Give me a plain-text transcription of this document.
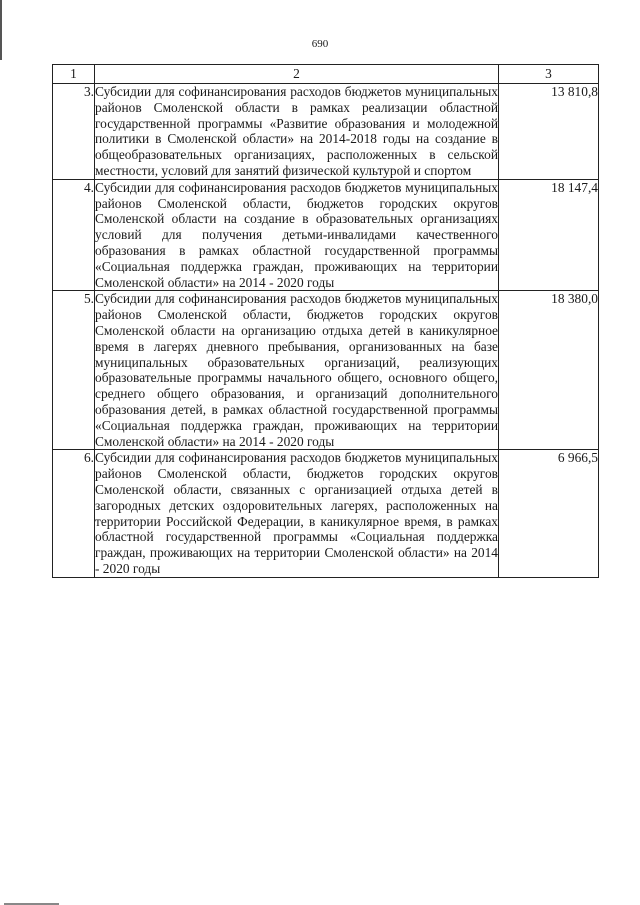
690
1	2	3
3.	Субсидии для софинансирования расходов бюджетов муниципальных районов Смоленской области в рамках реализации областной государственной программы «Развитие образования и молодежной политики в Смоленской области» на 2014-2018 годы на создание в общеобразовательных организациях, расположенных в сельской местности, условий для занятий физической культурой и спортом	13 810,8
4.	Субсидии для софинансирования расходов бюджетов муниципальных районов Смоленской области, бюджетов городских округов Смоленской области на создание в образовательных организациях условий для получения детьми-инвалидами качественного образования в рамках областной государственной программы «Социальная поддержка граждан, проживающих на территории Смоленской области» на 2014 - 2020 годы	18 147,4
5.	Субсидии для софинансирования расходов бюджетов муниципальных районов Смоленской области, бюджетов городских округов Смоленской области на организацию отдыха детей в каникулярное время в лагерях дневного пребывания, организованных на базе муниципальных образовательных организаций, реализующих образовательные программы начального общего, основного общего, среднего общего образования, и организаций дополнительного образования детей, в рамках областной государственной программы «Социальная поддержка граждан, проживающих на территории Смоленской области» на 2014 - 2020 годы	18 380,0
6.	Субсидии для софинансирования расходов бюджетов муниципальных районов Смоленской области, бюджетов городских округов Смоленской области, связанных с организацией отдыха детей в загородных детских оздоровительных лагерях, расположенных на территории Российской Федерации, в каникулярное время, в рамках областной государственной программы «Социальная поддержка граждан, проживающих на территории Смоленской области» на 2014 - 2020 годы	6 966,5
